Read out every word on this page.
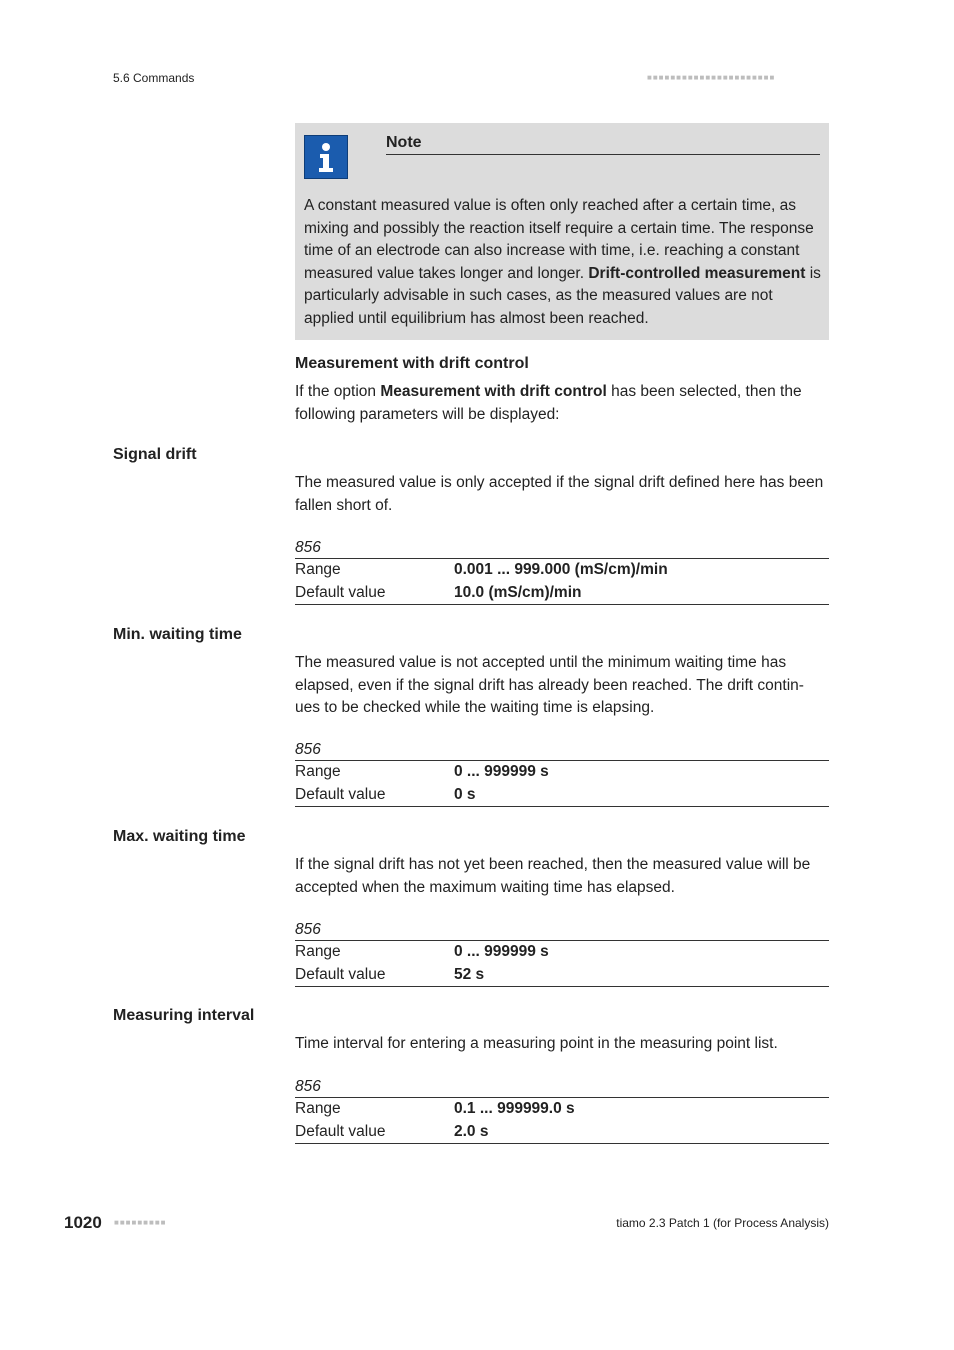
5.6 Commands	■■■■■■■■■■■■■■■■■■■■■■
Note
A constant measured value is often only reached after a certain time, as mixing and possibly the reaction itself require a certain time. The response time of an electrode can also increase with time, i.e. reaching a constant measured value takes longer and longer. Drift-controlled measurement is particularly advisable in such cases, as the measured values are not applied until equilibrium has almost been reached.
Measurement with drift control
If the option Measurement with drift control has been selected, then the following parameters will be displayed:
Signal drift
The measured value is only accepted if the signal drift defined here has been fallen short of.
856
Range	0.001 ... 999.000 (mS/cm)/min
Default value	10.0 (mS/cm)/min
Min. waiting time
The measured value is not accepted until the minimum waiting time has elapsed, even if the signal drift has already been reached. The drift contin- ues to be checked while the waiting time is elapsing.
856
Range	0 ... 999999 s
Default value	0 s
Max. waiting time
If the signal drift has not yet been reached, then the measured value will be accepted when the maximum waiting time has elapsed.
856
Range	0 ... 999999 s
Default value	52 s
Measuring interval
Time interval for entering a measuring point in the measuring point list.
856
Range	0.1 ... 999999.0 s
Default value	2.0 s
1020 ■■■■■■■■■	tiamo 2.3 Patch 1 (for Process Analysis)
